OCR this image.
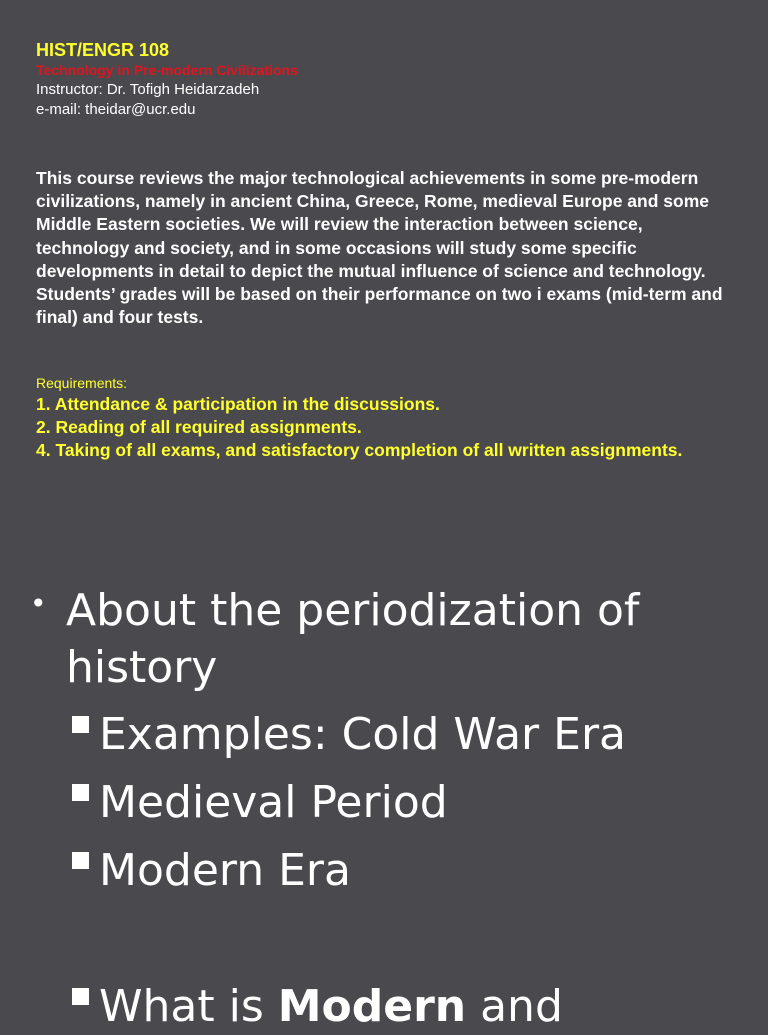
HIST/ENGR 108

Technology in Pre-modern Civilizations

Instructor: Dr. Tofigh Heidarzadeh

e-mail: theidar@ucr.edu

This course reviews the major technological achievements in some pre-modern civilizations, namely in ancient China, Greece, Rome, medieval Europe and some Middle Eastern societies. We will review the interaction between science, technology and society, and in some occasions will study some specific developments in detail to depict the mutual influence of science and technology.

Students’ grades will be based on their performance on two i exams (mid-term and final) and four tests.

Requirements:

1. Attendance & participation in the discussions.

2. Reading of all required assignments.

4. Taking of all exams, and satisfactory completion of all written assignments.

• About the periodization of history
Examples: Cold War Era
Medieval Period
Modern Era
What is Modern and
